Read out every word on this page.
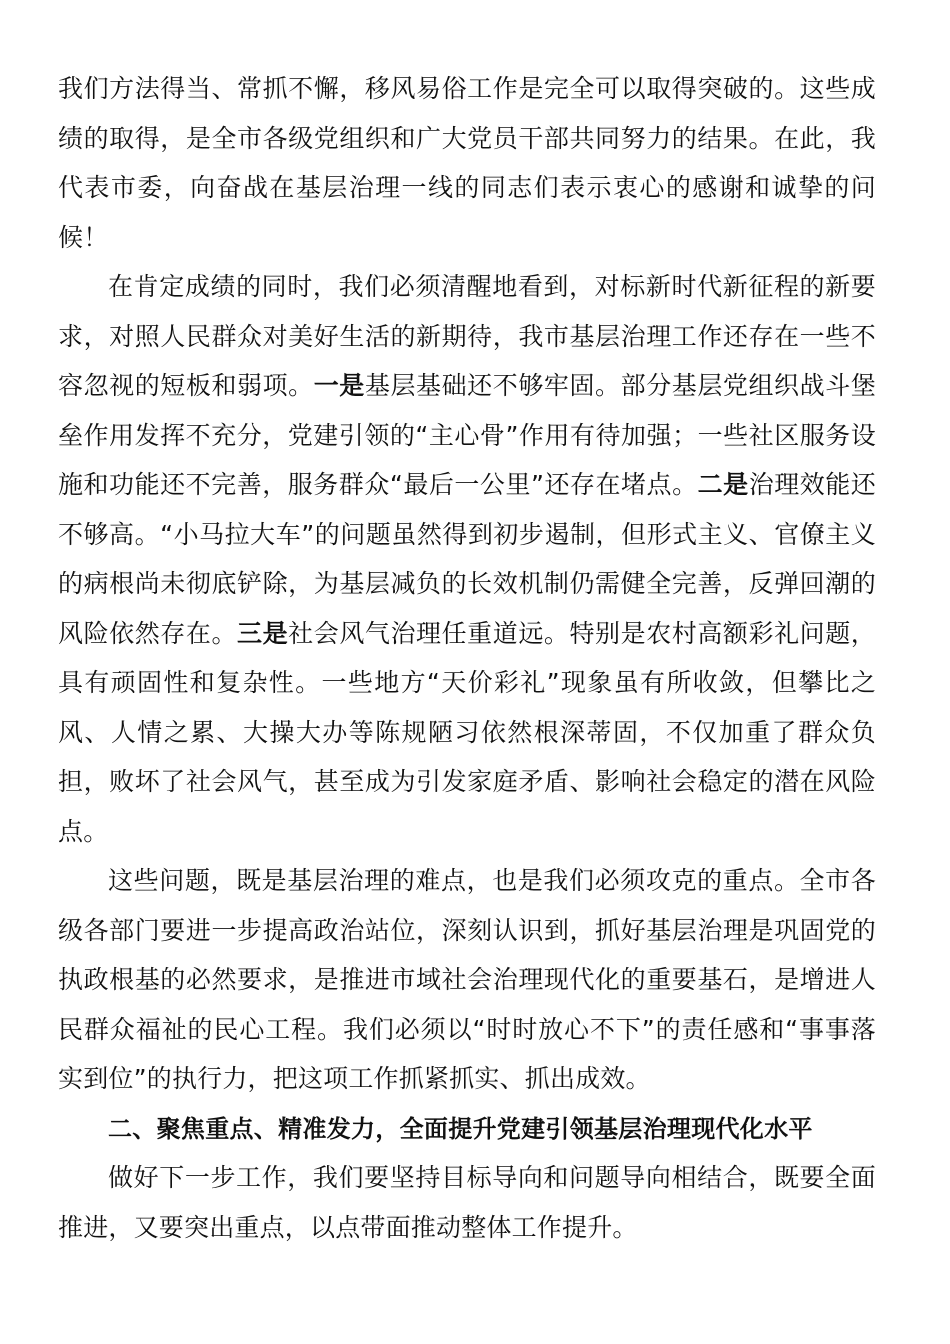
我们方法得当、常抓不懈，移风易俗工作是完全可以取得突破的。这些成绩的取得，是全市各级党组织和广大党员干部共同努力的结果。在此，我代表市委，向奋战在基层治理一线的同志们表示衷心的感谢和诚挚的问候！

在肯定成绩的同时，我们必须清醒地看到，对标新时代新征程的新要求，对照人民群众对美好生活的新期待，我市基层治理工作还存在一些不容忽视的短板和弱项。一是基层基础还不够牢固。部分基层党组织战斗堡垒作用发挥不充分，党建引领的“主心骨”作用有待加强；一些社区服务设施和功能还不完善，服务群众“最后一公里”还存在堵点。二是治理效能还不够高。“小马拉大车”的问题虽然得到初步遏制，但形式主义、官僚主义的病根尚未彻底铲除，为基层减负的长效机制仍需健全完善，反弹回潮的风险依然存在。三是社会风气治理任重道远。特别是农村高额彩礼问题，具有顽固性和复杂性。一些地方“天价彩礼”现象虽有所收敛，但攀比之风、人情之累、大操大办等陈规陋习依然根深蒂固，不仅加重了群众负担，败坏了社会风气，甚至成为引发家庭矛盾、影响社会稳定的潜在风险点。

这些问题，既是基层治理的难点，也是我们必须攻克的重点。全市各级各部门要进一步提高政治站位，深刻认识到，抓好基层治理是巩固党的执政根基的必然要求，是推进市域社会治理现代化的重要基石，是增进人民群众福祉的民心工程。我们必须以“时时放心不下”的责任感和“事事落实到位”的执行力，把这项工作抓紧抓实、抓出成效。

二、聚焦重点、精准发力，全面提升党建引领基层治理现代化水平

做好下一步工作，我们要坚持目标导向和问题导向相结合，既要全面推进，又要突出重点，以点带面推动整体工作提升。
